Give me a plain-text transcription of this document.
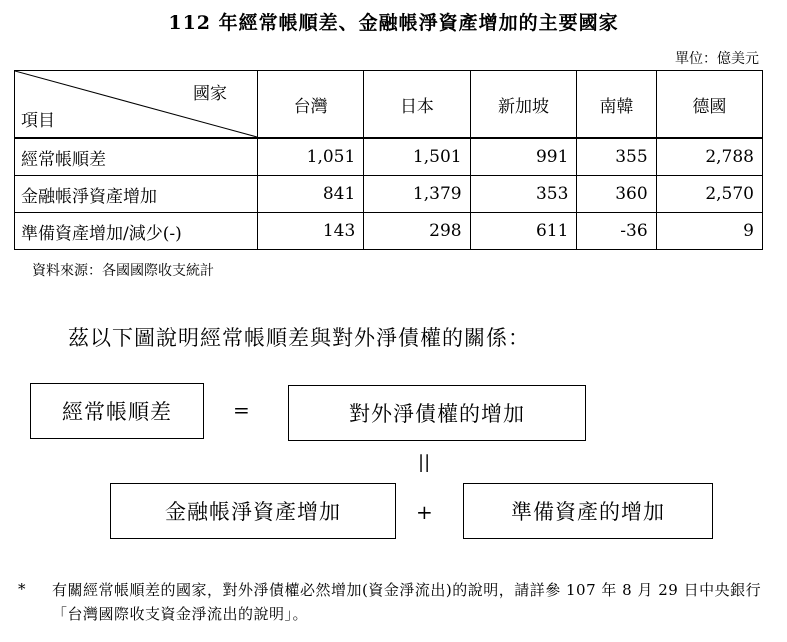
112 年經常帳順差、金融帳淨資產增加的主要國家
單位：億美元
國家
項目	台灣	日本	新加坡	南韓	德國
經常帳順差	1,051	1,501	991	355	2,788
金融帳淨資產增加	841	1,379	353	360	2,570
準備資產增加/減少(-)	143	298	611	-36	9
資料來源：各國國際收支統計
茲以下圖說明經常帳順差與對外淨債權的關係：
經常帳順差	=	對外淨債權的增加
||
金融帳淨資產增加	+	準備資產的增加
* 有關經常帳順差的國家，對外淨債權必然增加(資金淨流出)的說明，請詳參 107 年 8 月 29 日中央銀行「台灣國際收支資金淨流出的說明」。
